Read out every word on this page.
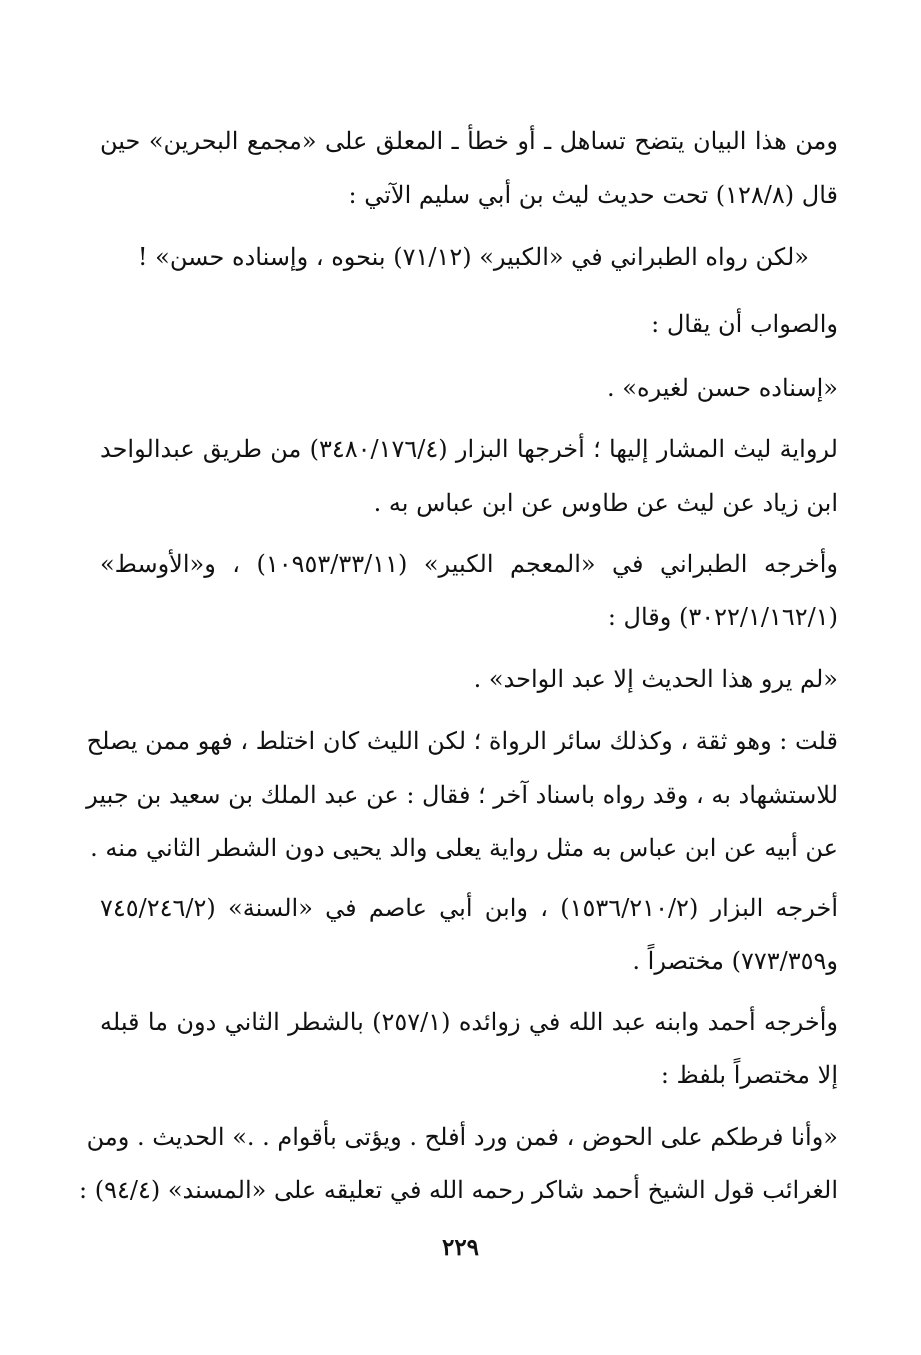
ومن هذا البيان يتضح تساهل ـ أو خطأ ـ المعلق على «مجمع البحرين» حين
قال (١٢٨/٨) تحت حديث ليث بن أبي سليم الآتي :
«لكن رواه الطبراني في «الكبير» (٧١/١٢) بنحوه ، وإسناده حسن» !
والصواب أن يقال :
«إسناده حسن لغيره» .
لرواية ليث المشار إليها ؛ أخرجها البزار (٣٤٨٠/١٧٦/٤) من طريق عبدالواحد
ابن زياد عن ليث عن طاوس عن ابن عباس به .
وأخرجه الطبراني في «المعجم الكبير» (١٠٩٥٣/٣٣/١١) ، و«الأوسط»
(٣٠٢٢/١/١٦٢/١) وقال :
«لم يرو هذا الحديث إلا عبد الواحد» .
قلت : وهو ثقة ، وكذلك سائر الرواة ؛ لكن الليث كان اختلط ، فهو ممن يصلح
للاستشهاد به ، وقد رواه باسناد آخر ؛ فقال : عن عبد الملك بن سعيد بن جبير
عن أبيه عن ابن عباس به مثل رواية يعلى والد يحيى دون الشطر الثاني منه .
أخرجه البزار (١٥٣٦/٢١٠/٢) ، وابن أبي عاصم في «السنة» (٧٤٥/٢٤٦/٢
و٧٧٣/٣٥٩) مختصراً .
وأخرجه أحمد وابنه عبد الله في زوائده (٢٥٧/١) بالشطر الثاني دون ما قبله
إلا مختصراً بلفظ :
«وأنا فرطكم على الحوض ، فمن ورد أفلح . ويؤتى بأقوام . .» الحديث . ومن
الغرائب قول الشيخ أحمد شاكر رحمه الله في تعليقه على «المسند» (٩٤/٤) :
٢٢٩
